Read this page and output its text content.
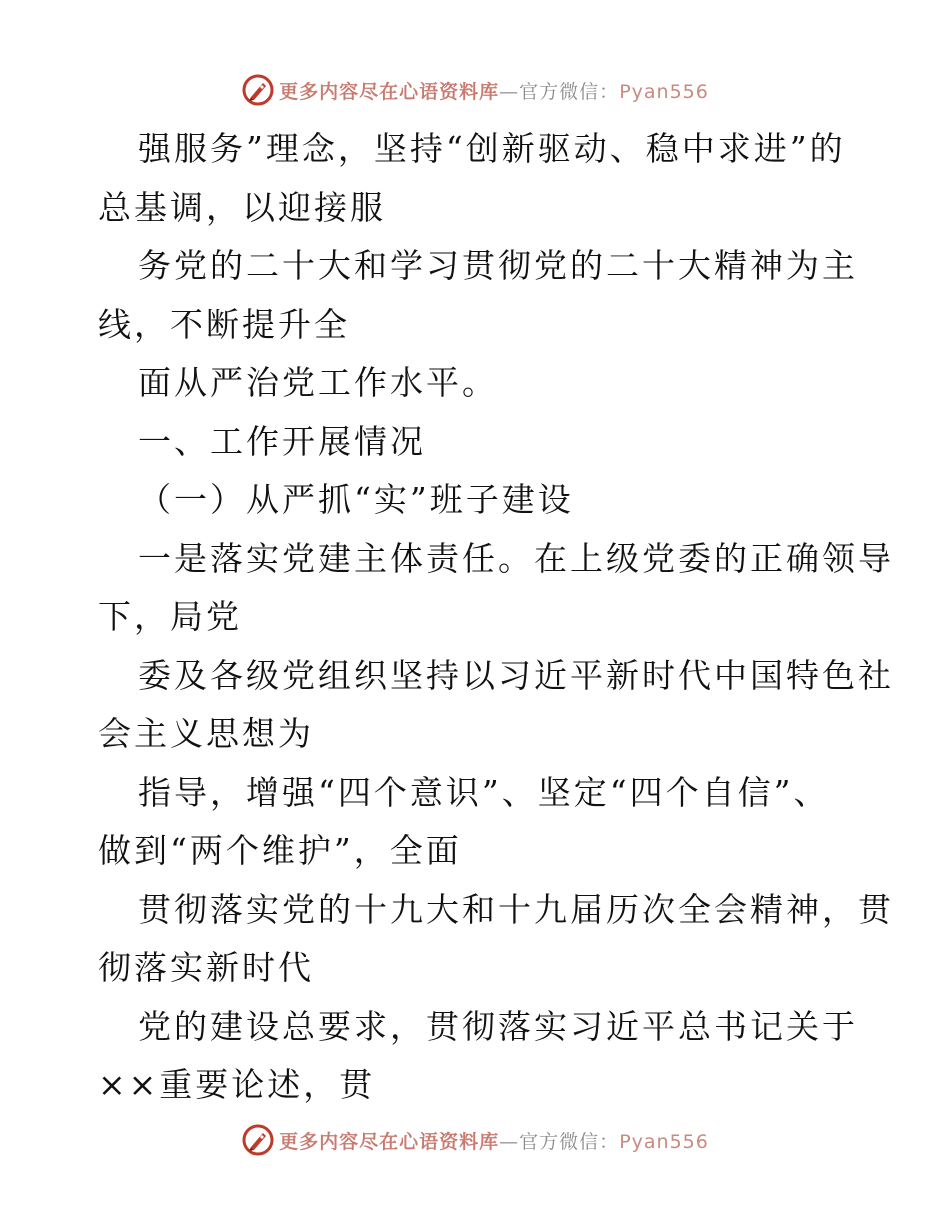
更多内容尽在心语资料库—官方微信：Pyan556
强服务”理念，坚持“创新驱动、稳中求进”的
总基调，以迎接服
务党的二十大和学习贯彻党的二十大精神为主
线，不断提升全
面从严治党工作水平。
一、工作开展情况
（一）从严抓“实”班子建设
一是落实党建主体责任。在上级党委的正确领导
下，局党
委及各级党组织坚持以习近平新时代中国特色社
会主义思想为
指导，增强“四个意识”、坚定“四个自信”、
做到“两个维护”，全面
贯彻落实党的十九大和十九届历次全会精神，贯
彻落实新时代
党的建设总要求，贯彻落实习近平总书记关于
××重要论述，贯
更多内容尽在心语资料库—官方微信：Pyan556
